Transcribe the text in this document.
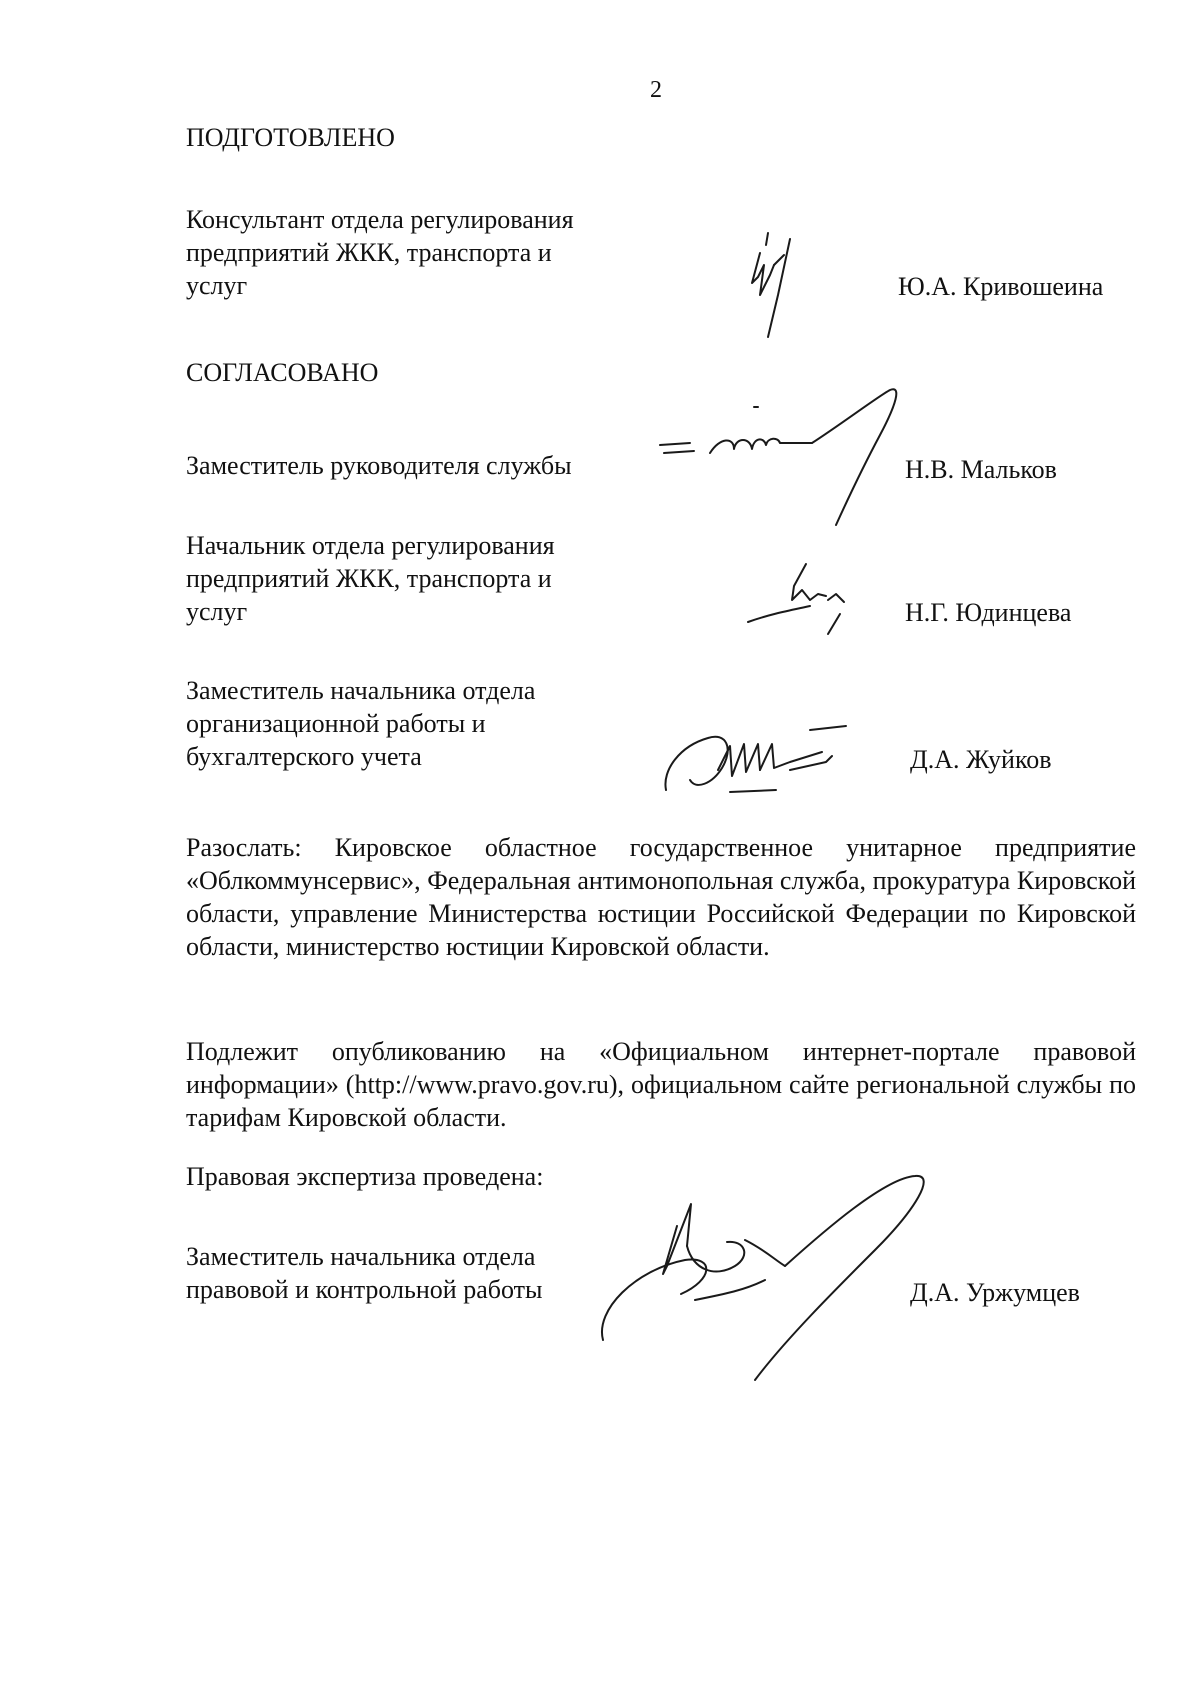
2
ПОДГОТОВЛЕНО
Консультант отдела регулирования
предприятий ЖКК, транспорта и
услуг	Ю.А. Кривошеина
СОГЛАСОВАНО
Заместитель руководителя службы	Н.В. Мальков
Начальник отдела регулирования
предприятий ЖКК, транспорта и
услуг	Н.Г. Юдинцева
Заместитель начальника отдела
организационной работы и
бухгалтерского учета	Д.А. Жуйков
Разослать: Кировское областное государственное унитарное предприятие «Облкоммунсервис», Федеральная антимонопольная служба, прокуратура Кировской области, управление Министерства юстиции Российской Федерации по Кировской области, министерство юстиции Кировской области.
Подлежит опубликованию на «Официальном интернет-портале правовой информации» (http://www.pravo.gov.ru), официальном сайте региональной службы по тарифам Кировской области.
Правовая экспертиза проведена:
Заместитель начальника отдела
правовой и контрольной работы	Д.А. Уржумцев
